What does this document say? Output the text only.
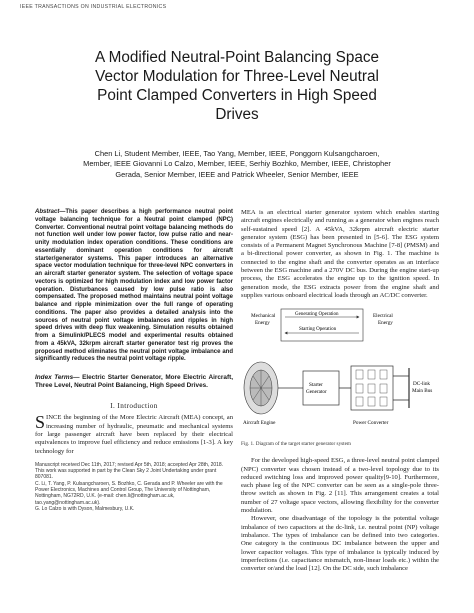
IEEE TRANSACTIONS ON INDUSTRIAL ELECTRONICS
A Modified Neutral-Point Balancing Space
Vector Modulation for Three-Level Neutral
Point Clamped Converters in High Speed
Drives
Chen Li, Student Member, IEEE, Tao Yang, Member, IEEE, Ponggorn Kulsangcharoen,
Member, IEEE Giovanni Lo Calzo, Member, IEEE, Serhiy Bozhko, Member, IEEE, Christopher
Gerada, Senior Member, IEEE and Patrick Wheeler, Senior Member, IEEE
Abstract—This paper describes a high performance neutral point voltage balancing technique for a Neutral point clamped (NPC) Converter. Conventional neutral point voltage balancing methods do not function well under low power factor, low pulse ratio and near-unity modulation index operation conditions. These conditions are essentially dominant operation conditions for aircraft starter/generator systems. This paper introduces an alternative space vector modulation technique for three-level NPC converters in an aircraft starter generator system. The selection of voltage space vectors is optimized for high modulation index and low power factor operation. Disturbances caused by low pulse ratio is also compensated. The proposed method maintains neutral point voltage balance and ripple minimization over the full range of operating conditions. The paper also provides a detailed analysis into the sources of neutral point voltage imbalances and ripples in high speed drives with deep flux weakening. Simulation results obtained from a Simulink/PLECS model and experimental results obtained from a 45kVA, 32krpm aircraft starter generator test rig proves the proposed method eliminates the neutral point voltage imbalance and significantly reduces the neutral point voltage ripple.
Index Terms— Electric Starter Generator, More Electric Aircraft, Three Level, Neutral Point Balancing, High Speed Drives.
I. Introduction
SINCE the beginning of the More Electric Aircraft (MEA) concept, an increasing number of hydraulic, pneumatic and mechanical systems for large passenger aircraft have been replaced by their electrical equivalences to improve fuel efficiency and reduce emissions [1-3]. A key technology for

Manuscript received Dec 11th, 2017; revised Apr 5th, 2018; accepted Apr 28th, 2018. This work was supported in part by the Clean Sky 2 Joint Undertaking under grant 807081.

C. Li, T. Yang, P. Kulsangcharoen, S. Bozhko, C. Gerada and P. Wheeler are with the Power Electronics, Machines and Control Group, The University of Nottingham, Nottingham, NG72RD, U.K. (e-mail: chen.li@nottingham.ac.uk, tao.yang@nottingham.ac.uk).

G. Lo Calzo is with Dyson, Malmesbury, U.K.

MEA is an electrical starter generator system which enables starting aircraft engines electrically and running as a generator when engines reach self-sustained speed [2]. A 45kVA, 32krpm aircraft electric starter generator system (ESG) has been presented in [5-6]. The ESG system consists of a Permanent Magnet Synchronous Machine [7-8] (PMSM) and a bi-directional power converter, as shown in Fig. 1. The machine is connected to the engine shaft and the converter operates as an interface between the ESG machine and a 270V DC bus. During the engine start-up process, the ESG accelerates the engine up to the ignition speed. In generation mode, the ESG extracts power from the engine shaft and supplies various onboard electrical loads through an AC/DC converter.
Mechanical
Energy
Generating Operation
Starting Operation
Electrical
Energy
Starter
Generator
DC-link
Main Bus
Aircraft Engine	Power Converter
Fig. 1. Diagram of the target starter generator system
For the developed high-speed ESG, a three-level neutral point clamped (NPC) converter was chosen instead of a two-level topology due to its reduced switching loss and improved power quality[9-10]. Furthermore, each phase leg of the NPC converter can be seen as a single-pole three-throw switch as shown in Fig. 2 [11]. This arrangement creates a total number of 27 voltage space vectors, allowing flexibility for the converter modulation.
However, one disadvantage of the topology is the potential voltage imbalance of two capacitors at the dc-link, i.e. neutral point (NP) voltage imbalance. The types of imbalance can be defined into two categories. One category is the continuous DC imbalance between the upper and lower capacitor voltages. This type of imbalance is typically induced by imperfections (i.e. capacitance mismatch, non-linear loads etc.) within the converter or/and the load [12]. On the DC side, such imbalance
